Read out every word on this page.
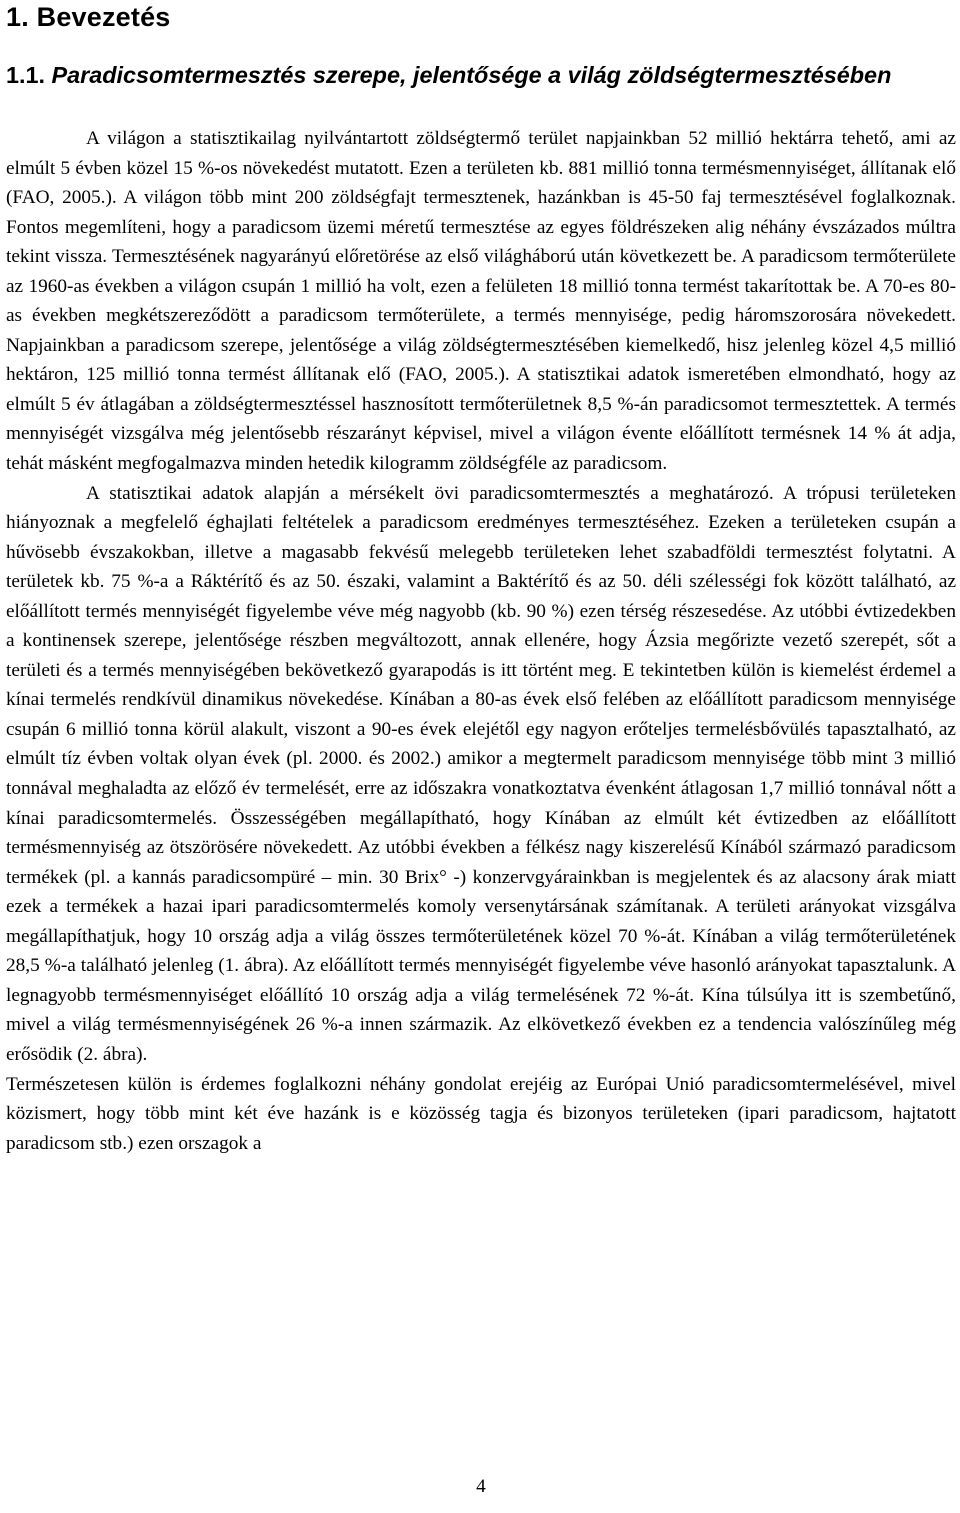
1. Bevezetés
1.1. Paradicsomtermesztés szerepe, jelentősége a világ zöldségtermesztésében

A világon a statisztikailag nyilvántartott zöldségtermő terület napjainkban 52 millió hektárra tehető, ami az elmúlt 5 évben közel 15 %-os növekedést mutatott. Ezen a területen kb. 881 millió tonna termésmennyiséget, állítanak elő (FAO, 2005.). A világon több mint 200 zöldségfajt termesztenek, hazánkban is 45-50 faj termesztésével foglalkoznak. Fontos megemlíteni, hogy a paradicsom üzemi méretű termesztése az egyes földrészeken alig néhány évszázados múltra tekint vissza. Termesztésének nagyarányú előretörése az első világháború után következett be. A paradicsom termőterülete az 1960-as években a világon csupán 1 millió ha volt, ezen a felületen 18 millió tonna termést takarítottak be. A 70-es 80-as években megkétszereződött a paradicsom termőterülete, a termés mennyisége, pedig háromszorosára növekedett. Napjainkban a paradicsom szerepe, jelentősége a világ zöldségtermesztésében kiemelkedő, hisz jelenleg közel 4,5 millió hektáron, 125 millió tonna termést állítanak elő (FAO, 2005.). A statisztikai adatok ismeretében elmondható, hogy az elmúlt 5 év átlagában a zöldségtermesztéssel hasznosított termőterületnek 8,5 %-án paradicsomot termesztettek. A termés mennyiségét vizsgálva még jelentősebb részarányt képvisel, mivel a világon évente előállított termésnek 14 % át adja, tehát másként megfogalmazva minden hetedik kilogramm zöldségféle az paradicsom.

A statisztikai adatok alapján a mérsékelt övi paradicsomtermesztés a meghatározó. A trópusi területeken hiányoznak a megfelelő éghajlati feltételek a paradicsom eredményes termesztéséhez. Ezeken a területeken csupán a hűvösebb évszakokban, illetve a magasabb fekvésű melegebb területeken lehet szabadföldi termesztést folytatni. A területek kb. 75 %-a a Ráktérítő és az 50. északi, valamint a Baktérítő és az 50. déli szélességi fok között található, az előállított termés mennyiségét figyelembe véve még nagyobb (kb. 90 %) ezen térség részesedése. Az utóbbi évtizedekben a kontinensek szerepe, jelentősége részben megváltozott, annak ellenére, hogy Ázsia megőrizte vezető szerepét, sőt a területi és a termés mennyiségében bekövetkező gyarapodás is itt történt meg. E tekintetben külön is kiemelést érdemel a kínai termelés rendkívül dinamikus növekedése. Kínában a 80-as évek első felében az előállított paradicsom mennyisége csupán 6 millió tonna körül alakult, viszont a 90-es évek elejétől egy nagyon erőteljes termelésbővülés tapasztalható, az elmúlt tíz évben voltak olyan évek (pl. 2000. és 2002.) amikor a megtermelt paradicsom mennyisége több mint 3 millió tonnával meghaladta az előző év termelését, erre az időszakra vonatkoztatva évenként átlagosan 1,7 millió tonnával nőtt a kínai paradicsomtermelés. Összességében megállapítható, hogy Kínában az elmúlt két évtizedben az előállított termésmennyiség az ötszörösére növekedett. Az utóbbi években a félkész nagy kiszerelésű Kínából származó paradicsom termékek (pl. a kannás paradicsompüré – min. 30 Brix° -) konzervgyárainkban is megjelentek és az alacsony árak miatt ezek a termékek a hazai ipari paradicsomtermelés komoly versenytársának számítanak. A területi arányokat vizsgálva megállapíthatjuk, hogy 10 ország adja a világ összes termőterületének közel 70 %-át. Kínában a világ termőterületének 28,5 %-a található jelenleg (1. ábra). Az előállított termés mennyiségét figyelembe véve hasonló arányokat tapasztalunk. A legnagyobb termésmennyiséget előállító 10 ország adja a világ termelésének 72 %-át. Kína túlsúlya itt is szembetűnő, mivel a világ termésmennyiségének 26 %-a innen származik. Az elkövetkező években ez a tendencia valószínűleg még erősödik (2. ábra).

Természetesen külön is érdemes foglalkozni néhány gondolat erejéig az Európai Unió paradicsomtermelésével, mivel közismert, hogy több mint két éve hazánk is e közösség tagja és bizonyos területeken (ipari paradicsom, hajtatott paradicsom stb.) ezen orszagok a

4
